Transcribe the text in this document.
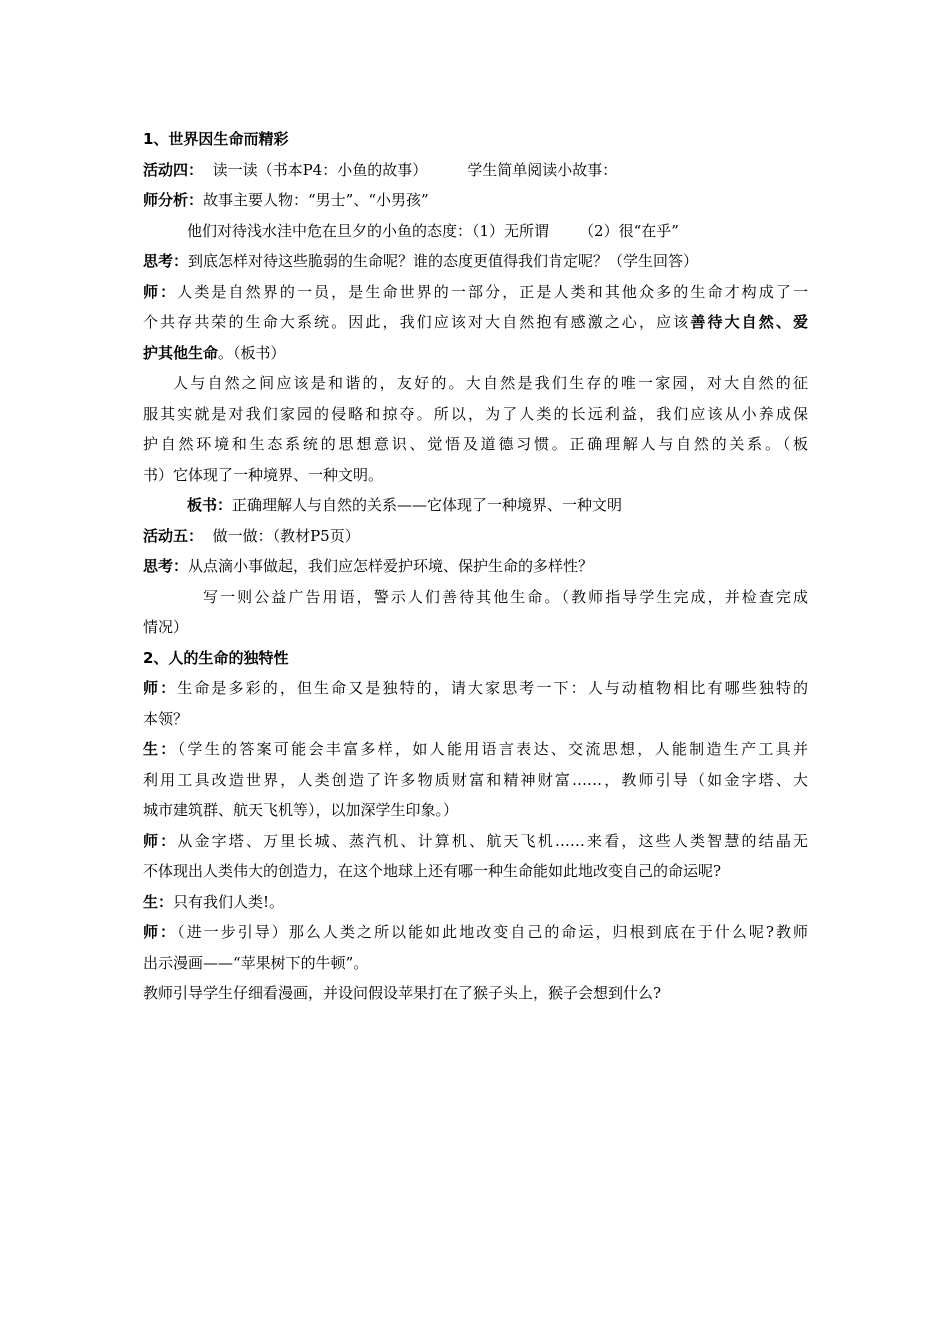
1、世界因生命而精彩

活动四： 读一读（书本P4：小鱼的故事）	学生简单阅读小故事：

师分析：故事主要人物：“男士”、“小男孩”

他们对待浅水洼中危在旦夕的小鱼的态度：（1）无所谓 （2）很“在乎”

思考：到底怎样对待这些脆弱的生命呢？谁的态度更值得我们肯定呢？（学生回答）

师：人类是自然界的一员，是生命世界的一部分，正是人类和其他众多的生命才构成了一

个共存共荣的生命大系统。因此，我们应该对大自然抱有感激之心，应该善待大自然、爱

护其他生命。（板书）

人与自然之间应该是和谐的，友好的。大自然是我们生存的唯一家园，对大自然的征

服其实就是对我们家园的侵略和掠夺。所以，为了人类的长远利益，我们应该从小养成保

护自然环境和生态系统的思想意识、觉悟及道德习惯。正确理解人与自然的关系。（板

书）它体现了一种境界、一种文明。

板书：正确理解人与自然的关系——它体现了一种境界、一种文明

活动五： 做一做：（教材P5页）

思考：从点滴小事做起，我们应怎样爱护环境、保护生命的多样性？

写一则公益广告用语，警示人们善待其他生命。（教师指导学生完成，并检查完成

情况）

2、人的生命的独特性

师：生命是多彩的，但生命又是独特的，请大家思考一下：人与动植物相比有哪些独特的

本领？

生：（学生的答案可能会丰富多样，如人能用语言表达、交流思想，人能制造生产工具并

利用工具改造世界，人类创造了许多物质财富和精神财富……，教师引导（如金字塔、大

城市建筑群、航天飞机等），以加深学生印象。）

师：从金字塔、万里长城、蒸汽机、计算机、航天飞机……来看，这些人类智慧的结晶无

不体现出人类伟大的创造力，在这个地球上还有哪一种生命能如此地改变自己的命运呢?

生：只有我们人类!。

师：（进一步引导）那么人类之所以能如此地改变自己的命运，归根到底在于什么呢?教师

出示漫画——“苹果树下的牛顿”。

教师引导学生仔细看漫画，并设问假设苹果打在了猴子头上，猴子会想到什么?
